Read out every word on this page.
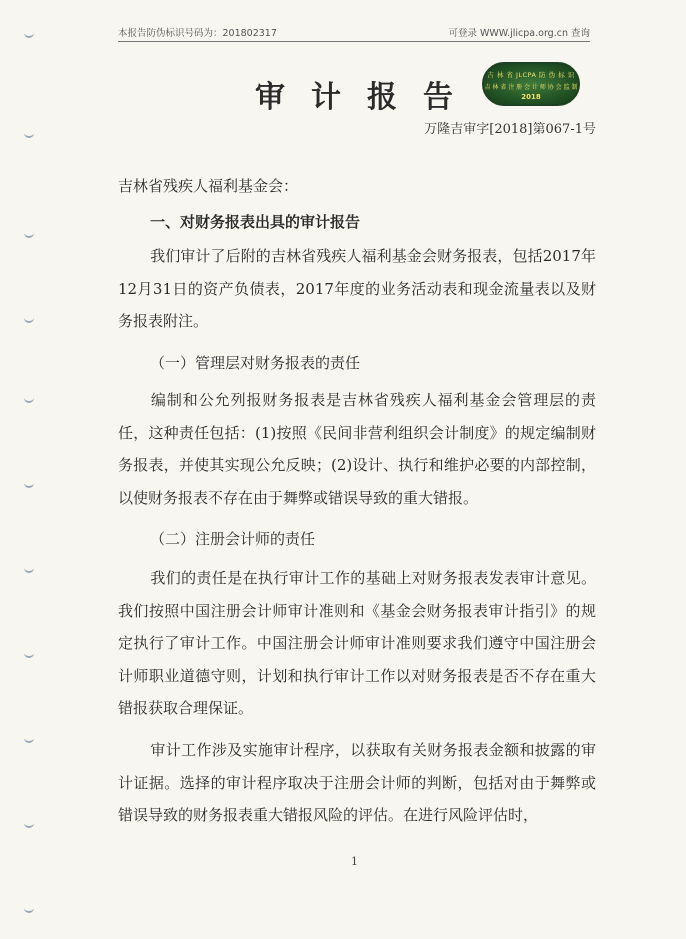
本报告防伪标识号码为：201802317	可登录 WWW.jlicpa.org.cn 查询
审计报告
吉 林 省 JLCPA 防 伪 标 识
吉 林 省 注 册 会 计 师 协 会 监 制
2018
万隆吉审字[2018]第067-1号
吉林省残疾人福利基金会：
一、对财务报表出具的审计报告
我们审计了后附的吉林省残疾人福利基金会财务报表，包括2017年12月31日的资产负债表，2017年度的业务活动表和现金流量表以及财务报表附注。
（一）管理层对财务报表的责任
编制和公允列报财务报表是吉林省残疾人福利基金会管理层的责任，这种责任包括：(1)按照《民间非营利组织会计制度》的规定编制财务报表，并使其实现公允反映；(2)设计、执行和维护必要的内部控制，以使财务报表不存在由于舞弊或错误导致的重大错报。
（二）注册会计师的责任
我们的责任是在执行审计工作的基础上对财务报表发表审计意见。我们按照中国注册会计师审计准则和《基金会财务报表审计指引》的规定执行了审计工作。中国注册会计师审计准则要求我们遵守中国注册会计师职业道德守则，计划和执行审计工作以对财务报表是否不存在重大错报获取合理保证。
审计工作涉及实施审计程序，以获取有关财务报表金额和披露的审计证据。选择的审计程序取决于注册会计师的判断，包括对由于舞弊或错误导致的财务报表重大错报风险的评估。在进行风险评估时，
1
